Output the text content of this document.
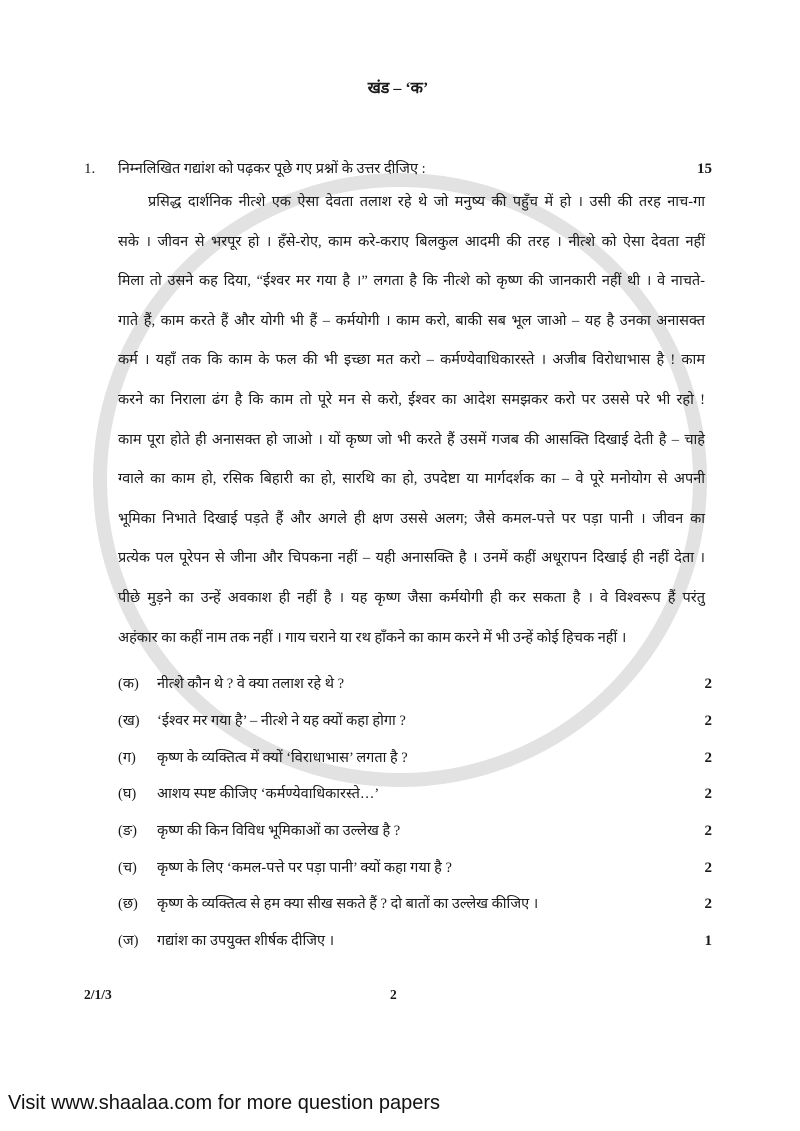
खंड – ‘क’
1.	निम्नलिखित गद्यांश को पढ़कर पूछे गए प्रश्नों के उत्तर दीजिए :	15
प्रसिद्ध दार्शनिक नीत्शे एक ऐसा देवता तलाश रहे थे जो मनुष्य की पहुँच में हो । उसी की तरह नाच-गा
सके । जीवन से भरपूर हो । हँसे-रोए, काम करे-कराए बिलकुल आदमी की तरह । नीत्शे को ऐसा देवता नहीं
मिला तो उसने कह दिया, “ईश्वर मर गया है ।” लगता है कि नीत्शे को कृष्ण की जानकारी नहीं थी । वे नाचते-
गाते हैं, काम करते हैं और योगी भी हैं – कर्मयोगी । काम करो, बाकी सब भूल जाओ – यह है उनका अनासक्त
कर्म । यहाँ तक कि काम के फल की भी इच्छा मत करो – कर्मण्येवाधिकारस्ते । अजीब विरोधाभास है ! काम
करने का निराला ढंग है कि काम तो पूरे मन से करो, ईश्वर का आदेश समझकर करो पर उससे परे भी रहो !
काम पूरा होते ही अनासक्त हो जाओ । यों कृष्ण जो भी करते हैं उसमें गजब की आसक्ति दिखाई देती है – चाहे
ग्वाले का काम हो, रसिक बिहारी का हो, सारथि का हो, उपदेष्टा या मार्गदर्शक का – वे पूरे मनोयोग से अपनी
भूमिका निभाते दिखाई पड़ते हैं और अगले ही क्षण उससे अलग; जैसे कमल-पत्ते पर पड़ा पानी । जीवन का
प्रत्येक पल पूरेपन से जीना और चिपकना नहीं – यही अनासक्ति है । उनमें कहीं अधूरापन दिखाई ही नहीं देता ।
पीछे मुड़ने का उन्हें अवकाश ही नहीं है । यह कृष्ण जैसा कर्मयोगी ही कर सकता है । वे विश्वरूप हैं परंतु
अहंकार का कहीं नाम तक नहीं । गाय चराने या रथ हाँकने का काम करने में भी उन्हें कोई हिचक नहीं ।
(क)	नीत्शे कौन थे ? वे क्या तलाश रहे थे ?	2
(ख)	‘ईश्वर मर गया है’ – नीत्शे ने यह क्यों कहा होगा ?	2
(ग)	कृष्ण के व्यक्तित्व में क्यों ‘विराधाभास’ लगता है ?	2
(घ)	आशय स्पष्ट कीजिए ‘कर्मण्येवाधिकारस्ते…’	2
(ङ)	कृष्ण की किन विविध भूमिकाओं का उल्लेख है ?	2
(च)	कृष्ण के लिए ‘कमल-पत्ते पर पड़ा पानी’ क्यों कहा गया है ?	2
(छ)	कृष्ण के व्यक्तित्व से हम क्या सीख सकते हैं ? दो बातों का उल्लेख कीजिए ।	2
(ज)	गद्यांश का उपयुक्त शीर्षक दीजिए ।	1
2/1/3	2
Visit www.shaalaa.com for more question papers
